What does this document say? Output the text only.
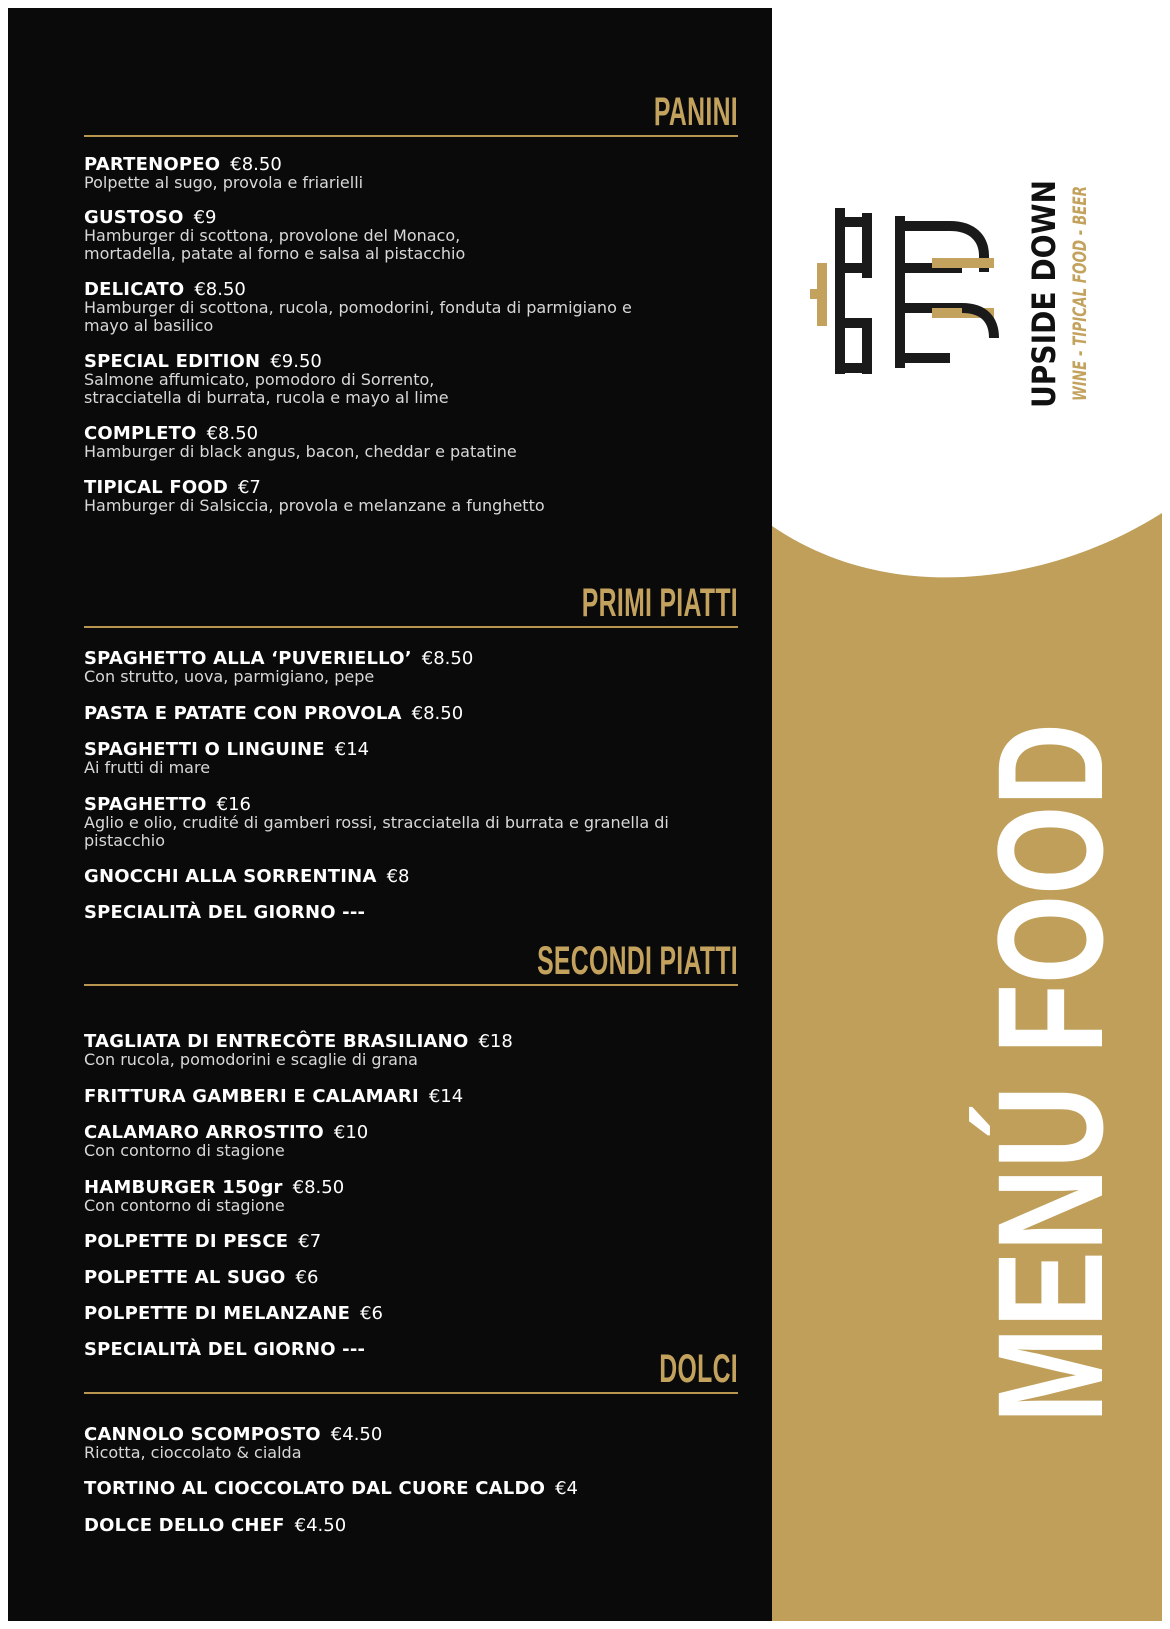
PANINI
PARTENOPEO €8.50
Polpette al sugo, provola e friarielli
GUSTOSO €9
Hamburger di scottona, provolone del Monaco,
mortadella, patate al forno e salsa al pistacchio
DELICATO €8.50
Hamburger di scottona, rucola, pomodorini, fonduta di parmigiano e
mayo al basilico
SPECIAL EDITION €9.50
Salmone affumicato, pomodoro di Sorrento,
stracciatella di burrata, rucola e mayo al lime
COMPLETO €8.50
Hamburger di black angus, bacon, cheddar e patatine
TIPICAL FOOD €7
Hamburger di Salsiccia, provola e melanzane a funghetto
PRIMI PIATTI
SPAGHETTO ALLA ‘PUVERIELLO’ €8.50
Con strutto, uova, parmigiano, pepe
PASTA E PATATE CON PROVOLA €8.50
SPAGHETTI O LINGUINE €14
Ai frutti di mare
SPAGHETTO €16
Aglio e olio, crudité di gamberi rossi, stracciatella di burrata e granella di
pistacchio
GNOCCHI ALLA SORRENTINA €8
SPECIALITÀ DEL GIORNO ---
SECONDI PIATTI
TAGLIATA DI ENTRECÔTE BRASILIANO €18
Con rucola, pomodorini e scaglie di grana
FRITTURA GAMBERI E CALAMARI €14
CALAMARO ARROSTITO €10
Con contorno di stagione
HAMBURGER 150gr €8.50
Con contorno di stagione
POLPETTE DI PESCE €7
POLPETTE AL SUGO €6
POLPETTE DI MELANZANE €6
SPECIALITÀ DEL GIORNO ---	DOLCI
CANNOLO SCOMPOSTO €4.50
Ricotta, cioccolato & cialda
TORTINO AL CIOCCOLATO DAL CUORE CALDO €4
DOLCE DELLO CHEF €4.50
UPSIDE DOWN WINE - TIPICAL FOOD - BEER
MENÚ FOOD
